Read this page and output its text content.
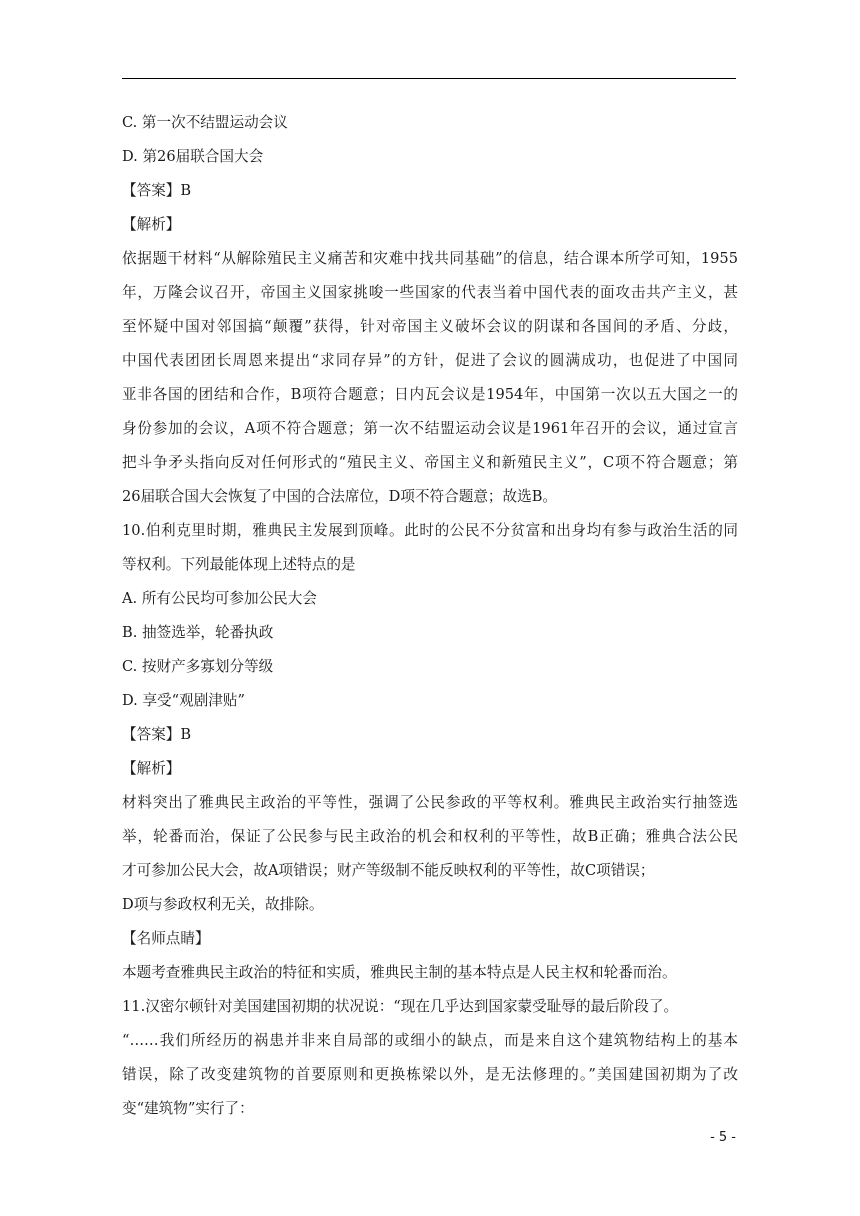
C. 第一次不结盟运动会议
D. 第26届联合国大会
【答案】B
【解析】
依据题干材料“从解除殖民主义痛苦和灾难中找共同基础”的信息，结合课本所学可知，1955
年，万隆会议召开，帝国主义国家挑唆一些国家的代表当着中国代表的面攻击共产主义，甚
至怀疑中国对邻国搞“颠覆”获得，针对帝国主义破坏会议的阴谋和各国间的矛盾、分歧，
中国代表团团长周恩来提出“求同存异”的方针，促进了会议的圆满成功，也促进了中国同
亚非各国的团结和合作，B项符合题意；日内瓦会议是1954年，中国第一次以五大国之一的
身份参加的会议，A项不符合题意；第一次不结盟运动会议是1961年召开的会议，通过宣言
把斗争矛头指向反对任何形式的“殖民主义、帝国主义和新殖民主义”，C项不符合题意；第
26届联合国大会恢复了中国的合法席位，D项不符合题意；故选B。
10.伯利克里时期，雅典民主发展到顶峰。此时的公民不分贫富和出身均有参与政治生活的同
等权利。下列最能体现上述特点的是
A. 所有公民均可参加公民大会
B. 抽签选举，轮番执政
C. 按财产多寡划分等级
D. 享受“观剧津贴”
【答案】B
【解析】
材料突出了雅典民主政治的平等性，强调了公民参政的平等权利。雅典民主政治实行抽签选
举，轮番而治，保证了公民参与民主政治的机会和权利的平等性，故B正确；雅典合法公民
才可参加公民大会，故A项错误；财产等级制不能反映权利的平等性，故C项错误；
D项与参政权利无关，故排除。
【名师点睛】
本题考查雅典民主政治的特征和实质，雅典民主制的基本特点是人民主权和轮番而治。
11.汉密尔顿针对美国建国初期的状况说：“现在几乎达到国家蒙受耻辱的最后阶段了。
“……我们所经历的祸患并非来自局部的或细小的缺点，而是来自这个建筑物结构上的基本
错误，除了改变建筑物的首要原则和更换栋梁以外，是无法修理的。”美国建国初期为了改
变“建筑物”实行了：
- 5 -
